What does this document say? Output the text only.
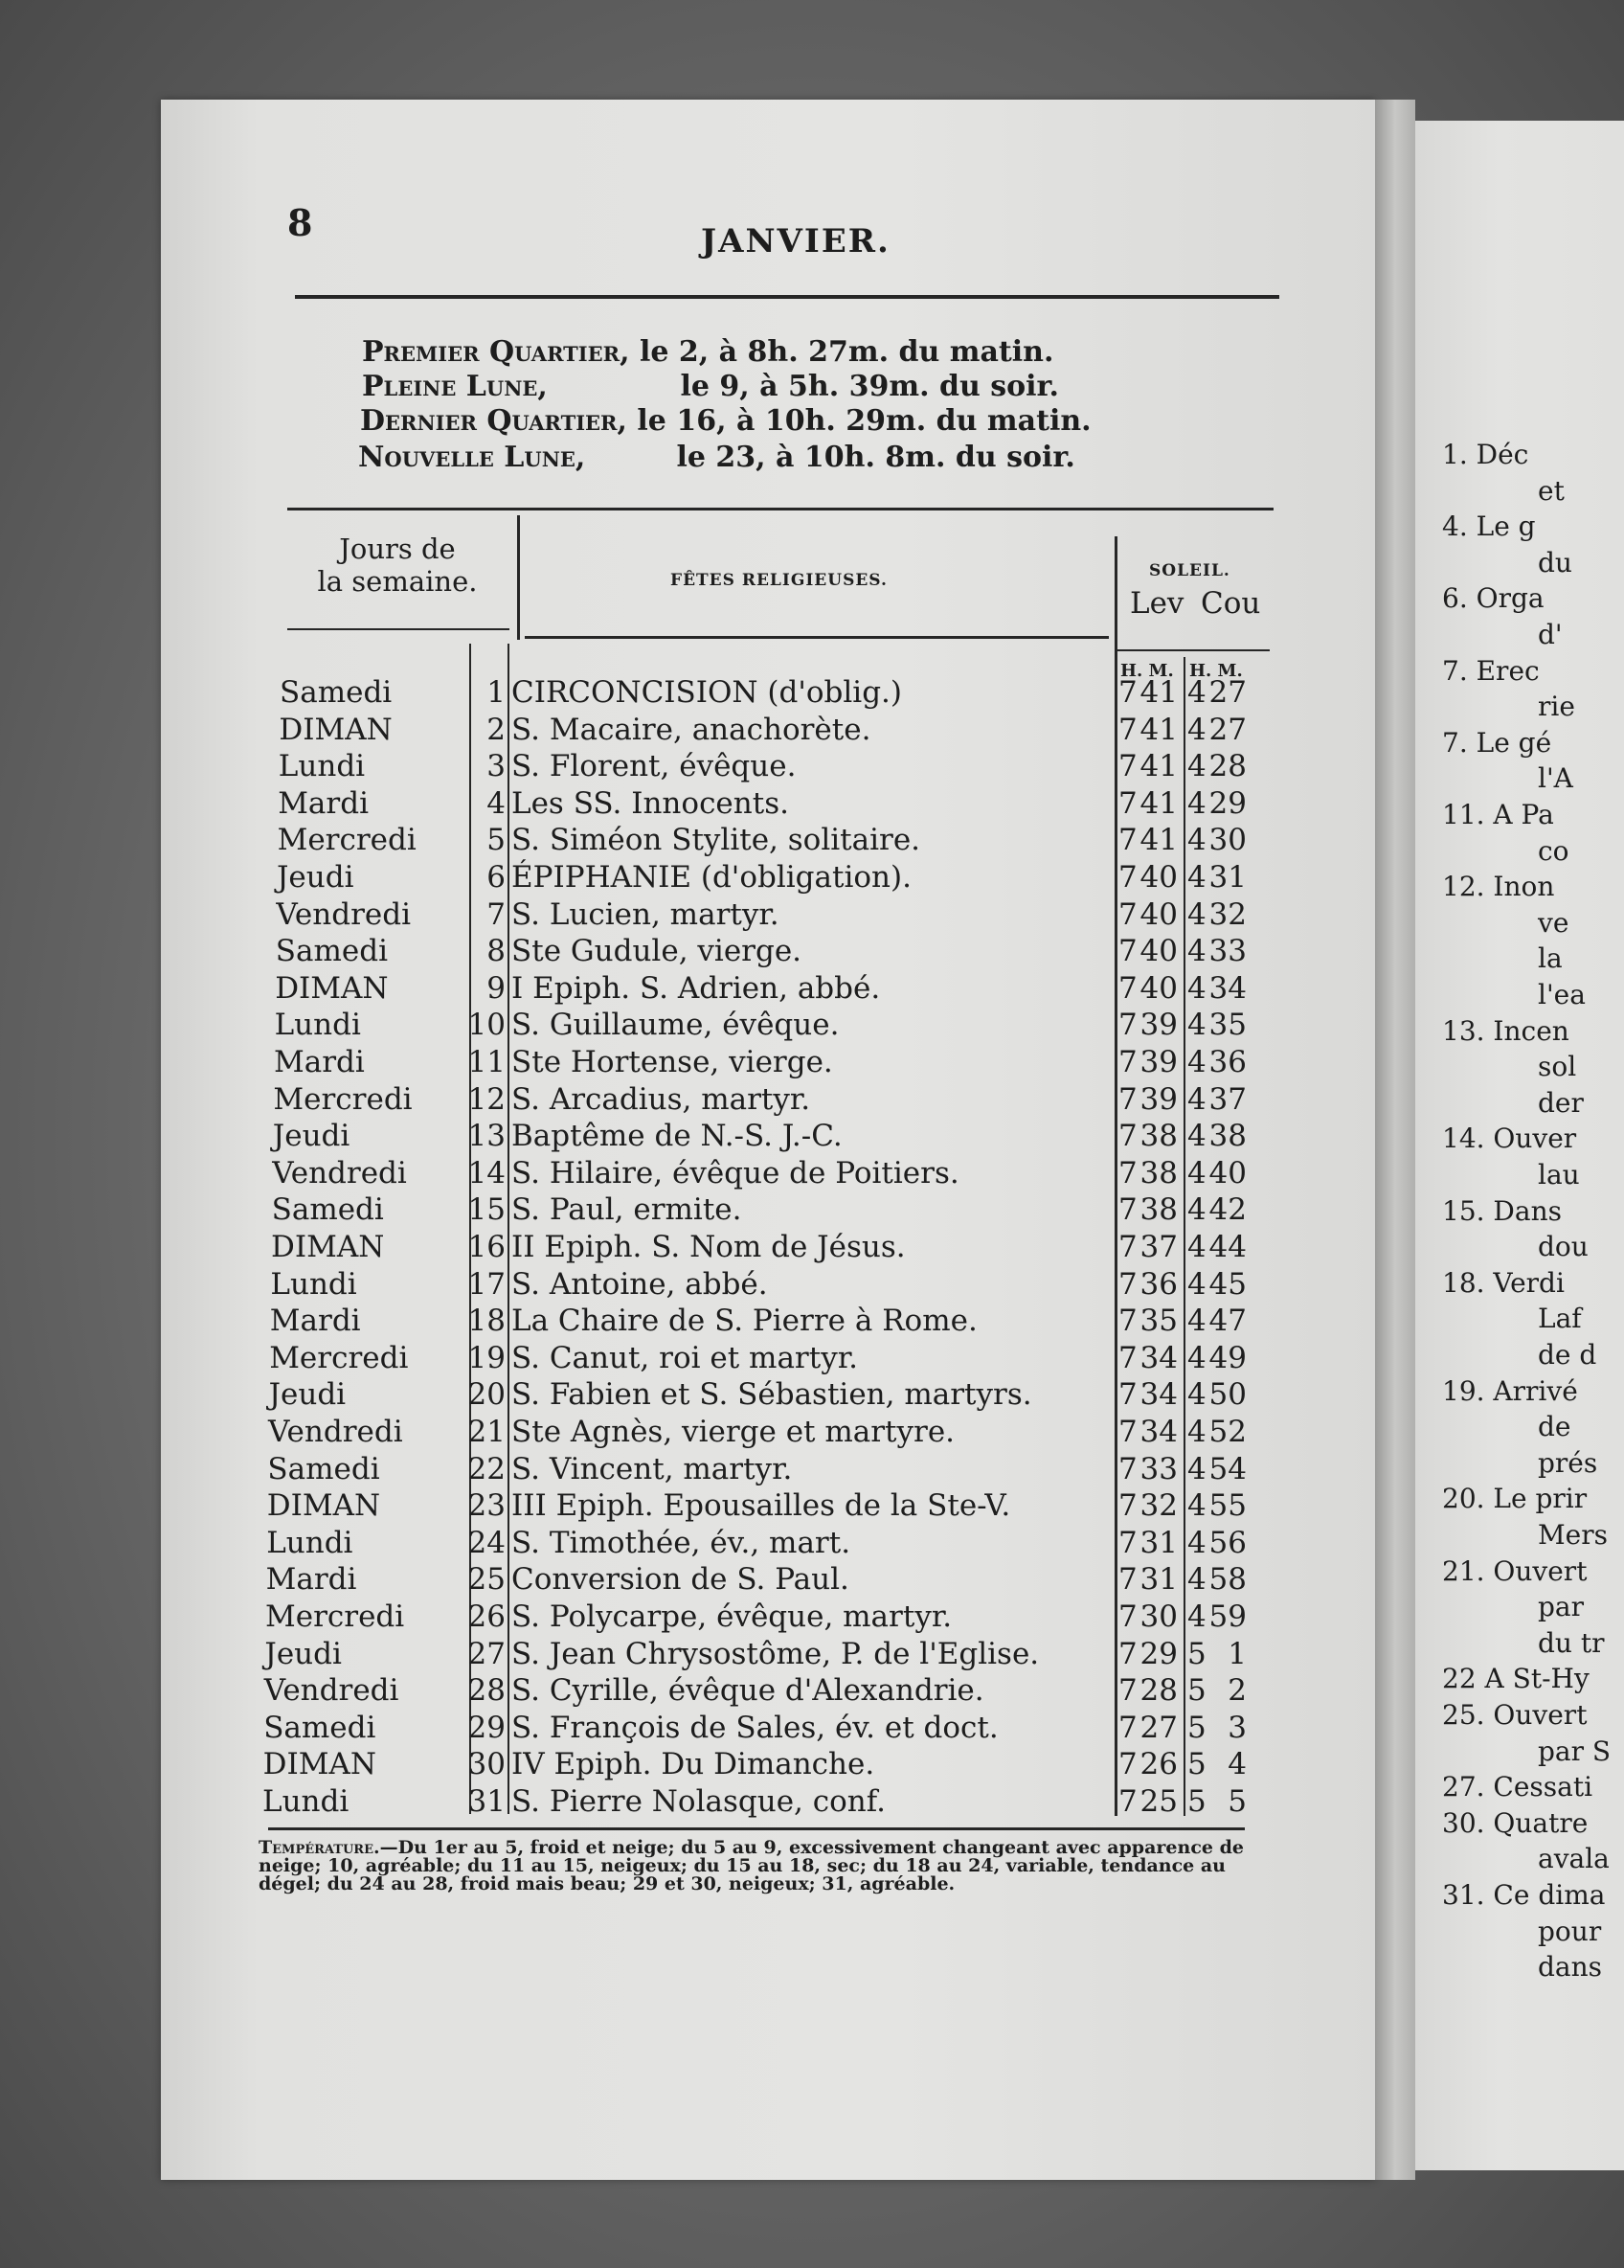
1. Déc
et
4. Le g
du
6. Orga
d'
7. Erec
rie
7. Le gé
l'A
11. A Pa
co
12. Inon
ve
la
l'ea
13. Incen
sol
der
14. Ouver
lau
15. Dans
dou
18. Verdi
Laf
de d
19. Arrivé
de
prés
20. Le prir
Mers
21. Ouvert
par
du tr
22 A St-Hy
25. Ouvert
par S
27. Cessati
30. Quatre
avala
31. Ce dima
pour
dans
8	JANVIER.
Premier Quartier, le 2, à 8h. 27m. du matin.
Pleine Lune,	le 9, à 5h. 39m. du soir.
Dernier Quartier, le 16, à 10h. 29m. du matin.
Nouvelle Lune,	le 23, à 10h. 8m. du soir.
Jours de
la semaine.	FÊTES RELIGIEUSES.	SOLEIL.
Lev Cou
H. M. H. M.
Samedi	1 CIRCONCISION (d'oblig.)	7 41 4 27
DIMAN	2 S. Macaire, anachorète.	7 41 4 27
Lundi	3 S. Florent, évêque.	7 41 4 28
Mardi	4 Les SS. Innocents.	7 41 4 29
Mercredi	5 S. Siméon Stylite, solitaire.	7 41 4 30
Jeudi	6 ÉPIPHANIE (d'obligation).	7 40 4 31
Vendredi	7 S. Lucien, martyr.	7 40 4 32
Samedi	8 Ste Gudule, vierge.	7 40 4 33
DIMAN	9 I Epiph. S. Adrien, abbé.	7 40 4 34
Lundi	10 S. Guillaume, évêque.	7 39 4 35
Mardi	11 Ste Hortense, vierge.	7 39 4 36
Mercredi	12 S. Arcadius, martyr.	7 39 4 37
Jeudi	13 Baptême de N.-S. J.-C.	7 38 4 38
Vendredi	14 S. Hilaire, évêque de Poitiers.	7 38 4 40
Samedi	15 S. Paul, ermite.	7 38 4 42
DIMAN	16 II Epiph. S. Nom de Jésus.	7 37 4 44
Lundi	17 S. Antoine, abbé.	7 36 4 45
Mardi	18 La Chaire de S. Pierre à Rome.	7 35 4 47
Mercredi	19 S. Canut, roi et martyr.	7 34 4 49
Jeudi	20 S. Fabien et S. Sébastien, martyrs.	7 34 4 50
Vendredi	21 Ste Agnès, vierge et martyre.	7 34 4 52
Samedi	22 S. Vincent, martyr.	7 33 4 54
DIMAN	23 III Epiph. Epousailles de la Ste-V.	7 32 4 55
Lundi	24 S. Timothée, év., mart.	7 31 4 56
Mardi	25 Conversion de S. Paul.	7 31 4 58
Mercredi	26 S. Polycarpe, évêque, martyr.	7 30 4 59
Jeudi	27 S. Jean Chrysostôme, P. de l'Eglise.	7 29 5 1
Vendredi	28 S. Cyrille, évêque d'Alexandrie.	7 28 5 2
Samedi	29 S. François de Sales, év. et doct.	7 27 5 3
DIMAN	30 IV Epiph. Du Dimanche.	7 26 5 4
Lundi	31 S. Pierre Nolasque, conf.	7 25 5 5
Température.—Du 1er au 5, froid et neige; du 5 au 9, excessivement changeant avec apparence de neige; 10, agréable; du 11 au 15, neigeux; du 15 au 18, sec; du 18 au 24, variable, tendance au dégel; du 24 au 28, froid mais beau; 29 et 30, neigeux; 31, agréable.
